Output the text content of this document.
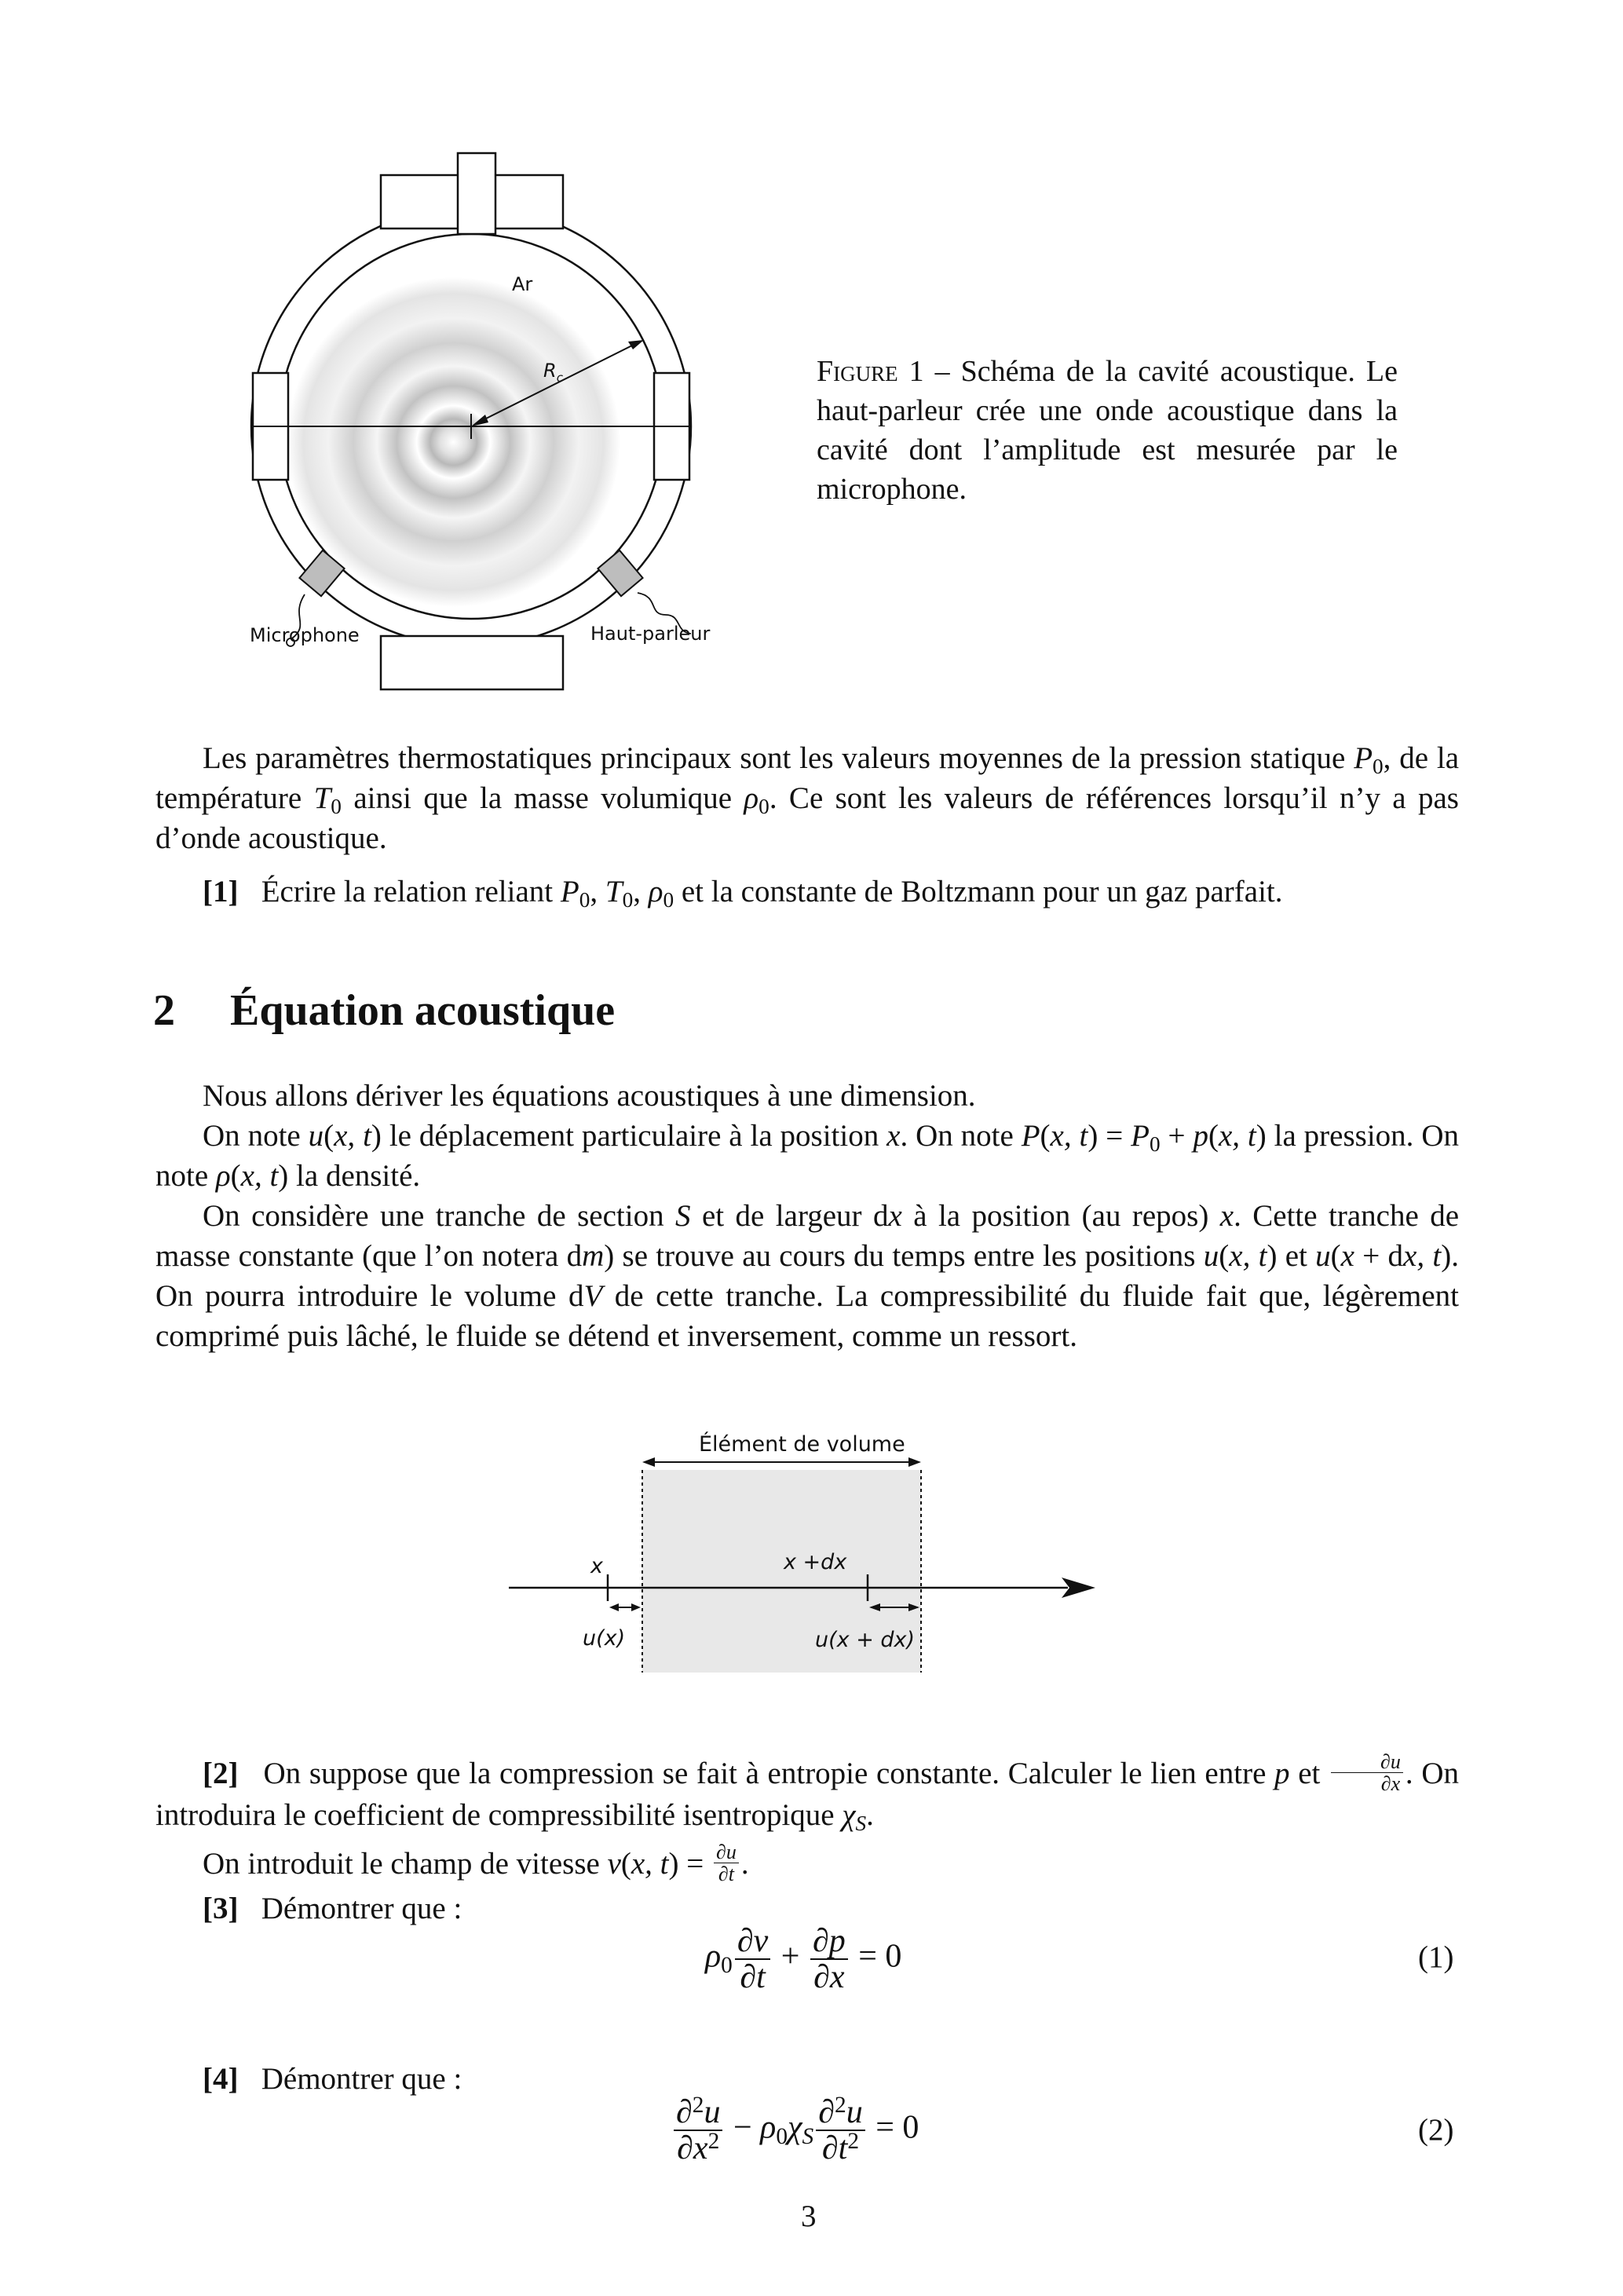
Ar
$R_c$
Microphone	Haut-parleur
Figure 1 – Schéma de la cavité acoustique. Le haut-parleur crée une onde acoustique dans la cavité dont l’amplitude est mesurée par le microphone.
Les paramètres thermostatiques principaux sont les valeurs moyennes de la pression statique $P_0$, de la température $T_0$ ainsi que la masse volumique $\rho_0$. Ce sont les valeurs de références lorsqu’il n’y a pas d’onde acoustique.
[1] Écrire la relation reliant $P_0$, $T_0$, $\rho_0$ et la constante de Boltzmann pour un gaz parfait.
2 Équation acoustique
Nous allons dériver les équations acoustiques à une dimension.
On note u(x, t) le déplacement particulaire à la position x. On note P(x, $t) = P_0 + p(x$, t) la pression. On note ρ(x, t) la densité.
On considère une tranche de section S et de largeur dx à la position (au repos) x. Cette tranche de masse constante (que l’on notera dm) se trouve au cours du temps entre les positions u(x, t) et u(x + dx, t). On pourra introduire le volume dV de cette tranche. La compressibilité du fluide fait que, légèrement comprimé puis lâché, le fluide se détend et inversement, comme un ressort.
Élément de volume
x	x +dx
u(x)	u(x + dx)
[2] On suppose que la compression se fait à entropie constante. Calculer le lien entre p et $\frac{\partial u}{\partial x}$ . On introduira le coefficient de compressibilité isentropique $\chi_S$.
On introduit le champ de vitesse v(x, $t) = \frac{\partial u}{\partial t}$ .
[3] Démontrer que :
$\rho_0 \frac{\partial v}{\partial t} + \frac{\partial p}{\partial x} = 0$	(1)
[4] Démontrer que :
$\frac{\partial^2u}{\partial x^2} - \rho_0\chi_S \frac{\partial^2u}{\partial t^2} = 0$	(2)
3
